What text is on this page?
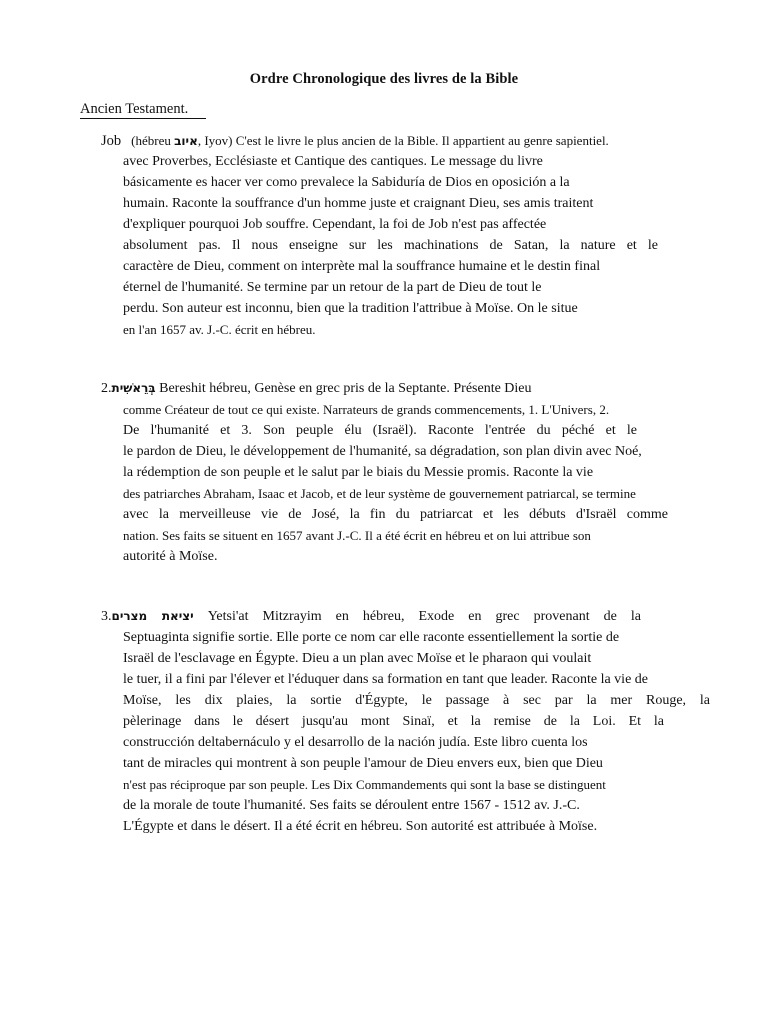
Ordre Chronologique des livres de la Bible
Ancien Testament.
Job (hébreu איוב, Iyov) C'est le livre le plus ancien de la Bible. Il appartient au genre sapientiel.
avec Proverbes, Ecclésiaste et Cantique des cantiques. Le message du livre
básicamente es hacer ver como prevalece la Sabiduría de Dios en oposición a la
humain. Raconte la souffrance d'un homme juste et craignant Dieu, ses amis traitent
d'expliquer pourquoi Job souffre. Cependant, la foi de Job n'est pas affectée
absolument pas. Il nous enseigne sur les machinations de Satan, la nature et le
caractère de Dieu, comment on interprète mal la souffrance humaine et le destin final
éternel de l'humanité. Se termine par un retour de la part de Dieu de tout le
perdu. Son auteur est inconnu, bien que la tradition l'attribue à Moïse. On le situe
en l'an 1657 av. J.-C. écrit en hébreu.
2.בְּרֵאשִׁית Bereshit hébreu, Genèse en grec pris de la Septante. Présente Dieu
comme Créateur de tout ce qui existe. Narrateurs de grands commencements, 1. L'Univers, 2.
De l'humanité et 3. Son peuple élu (Israël). Raconte l'entrée du péché et le
le pardon de Dieu, le développement de l'humanité, sa dégradation, son plan divin avec Noé,
la rédemption de son peuple et le salut par le biais du Messie promis. Raconte la vie
des patriarches Abraham, Isaac et Jacob, et de leur système de gouvernement patriarcal, se termine
avec la merveilleuse vie de José, la fin du patriarcat et les débuts d'Israël comme
nation. Ses faits se situent en 1657 avant J.-C. Il a été écrit en hébreu et on lui attribue son
autorité à Moïse.
3.יציאת מצרים Yetsi'at Mitzrayim en hébreu, Exode en grec provenant de la
Septuaginta signifie sortie. Elle porte ce nom car elle raconte essentiellement la sortie de
Israël de l'esclavage en Égypte. Dieu a un plan avec Moïse et le pharaon qui voulait
le tuer, il a fini par l'élever et l'éduquer dans sa formation en tant que leader. Raconte la vie de
Moïse, les dix plaies, la sortie d'Égypte, le passage à sec par la mer Rouge, la
pèlerinage dans le désert jusqu'au mont Sinaï, et la remise de la Loi. Et la
construcción deltabernáculo y el desarrollo de la nación judía. Este libro cuenta los
tant de miracles qui montrent à son peuple l'amour de Dieu envers eux, bien que Dieu
n'est pas réciproque par son peuple. Les Dix Commandements qui sont la base se distinguent
de la morale de toute l'humanité. Ses faits se déroulent entre 1567 - 1512 av. J.-C.
L'Égypte et dans le désert. Il a été écrit en hébreu. Son autorité est attribuée à Moïse.
